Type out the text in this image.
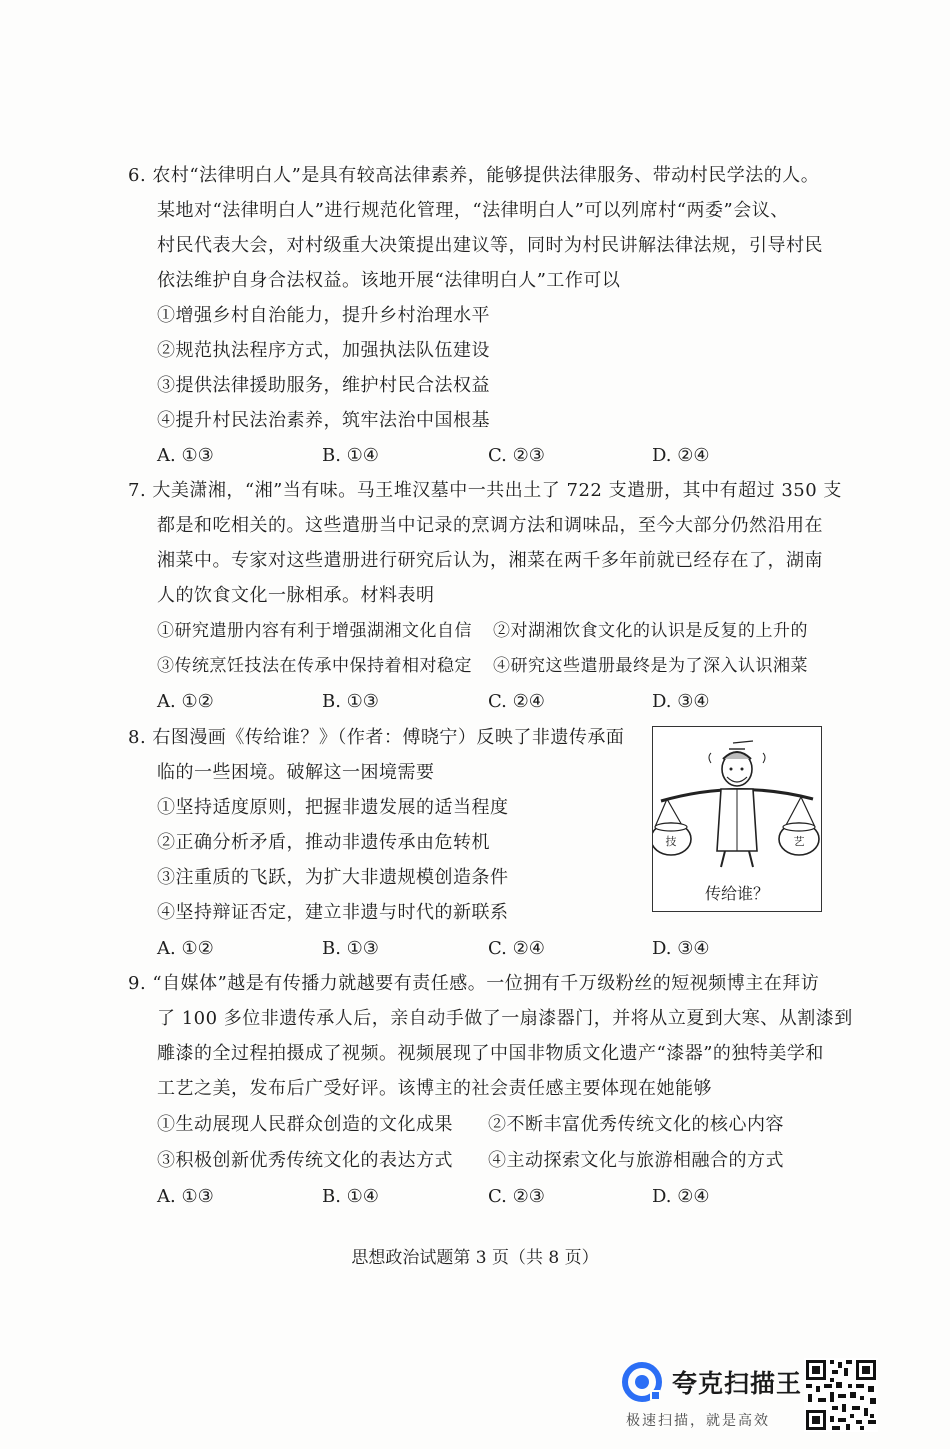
6. 农村“法律明白人”是具有较高法律素养，能够提供法律服务、带动村民学法的人。
某地对“法律明白人”进行规范化管理，“法律明白人”可以列席村“两委”会议、
村民代表大会，对村级重大决策提出建议等，同时为村民讲解法律法规，引导村民
依法维护自身合法权益。该地开展“法律明白人”工作可以
①增强乡村自治能力，提升乡村治理水平
②规范执法程序方式，加强执法队伍建设
③提供法律援助服务，维护村民合法权益
④提升村民法治素养，筑牢法治中国根基
A. ①③	B. ①④	C. ②③	D. ②④
7. 大美潇湘，“湘”当有味。马王堆汉墓中一共出土了 722 支遣册，其中有超过 350 支
都是和吃相关的。这些遣册当中记录的烹调方法和调味品，至今大部分仍然沿用在
湘菜中。专家对这些遣册进行研究后认为，湘菜在两千多年前就已经存在了，湖南
人的饮食文化一脉相承。材料表明
①研究遣册内容有利于增强湖湘文化自信 ②对湖湘饮食文化的认识是反复的上升的
③传统烹饪技法在传承中保持着相对稳定 ④研究这些遣册最终是为了深入认识湘菜
A. ①②	B. ①③	C. ②④	D. ③④
8. 右图漫画《传给谁？》（作者：傅晓宁）反映了非遗传承面
临的一些困境。破解这一困境需要
①坚持适度原则，把握非遗发展的适当程度
②正确分析矛盾，推动非遗传承由危转机
③注重质的飞跃，为扩大非遗规模创造条件
④坚持辩证否定，建立非遗与时代的新联系
A. ①②	B. ①③	C. ②④	D. ③④
技	艺
传给谁？
9. “自媒体”越是有传播力就越要有责任感。一位拥有千万级粉丝的短视频博主在拜访
了 100 多位非遗传承人后，亲自动手做了一扇漆器门，并将从立夏到大寒、从割漆到
雕漆的全过程拍摄成了视频。视频展现了中国非物质文化遗产“漆器”的独特美学和
工艺之美，发布后广受好评。该博主的社会责任感主要体现在她能够
①生动展现人民群众创造的文化成果 ②不断丰富优秀传统文化的核心内容
③积极创新优秀传统文化的表达方式 ④主动探索文化与旅游相融合的方式
A. ①③	B. ①④	C. ②③	D. ②④
思想政治试题第 3 页（共 8 页）
夸克扫描王
极速扫描，就是高效
